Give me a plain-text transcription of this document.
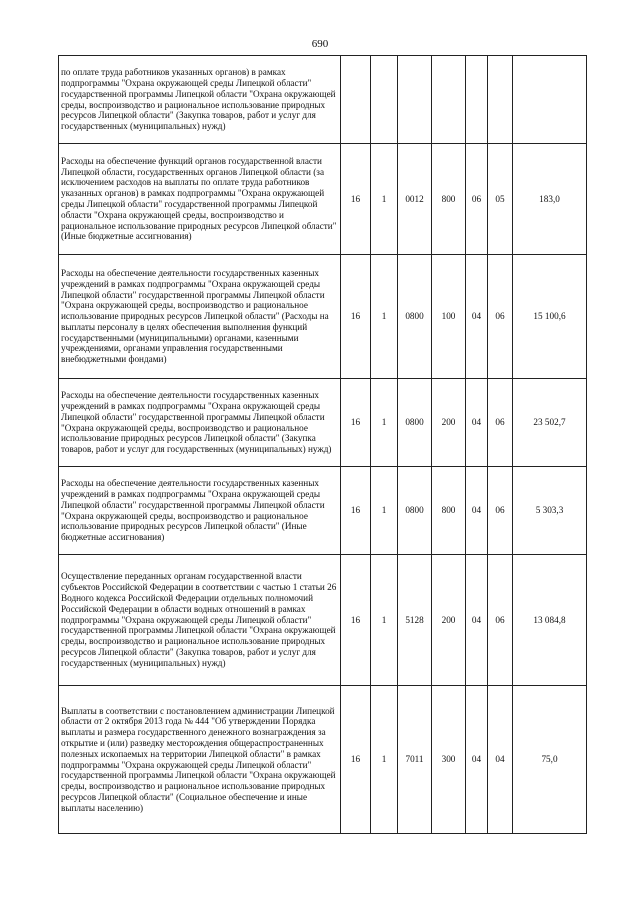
690
по оплате труда работников указанных органов) в рамках подпрограммы "Охрана окружающей среды Липецкой области" государственной программы Липецкой области "Охрана окружающей среды, воспроизводство и рациональное использование природных ресурсов Липецкой области" (Закупка товаров, работ и услуг для государственных (муниципальных) нужд)							
Расходы на обеспечение функций органов государственной власти Липецкой области, государственных органов Липецкой области (за исключением расходов на выплаты по оплате труда работников указанных органов) в рамках подпрограммы "Охрана окружающей среды Липецкой области" государственной программы Липецкой области "Охрана окружающей среды, воспроизводство и рациональное использование природных ресурсов Липецкой области" (Иные бюджетные ассигнования)	16	1	0012	800	06	05	183,0
Расходы на обеспечение деятельности государственных казенных учреждений в рамках подпрограммы "Охрана окружающей среды Липецкой области" государственной программы Липецкой области "Охрана окружающей среды, воспроизводство и рациональное использование природных ресурсов Липецкой области" (Расходы на выплаты персоналу в целях обеспечения выполнения функций государственными (муниципальными) органами, казенными учреждениями, органами управления государственными внебюджетными фондами)	16	1	0800	100	04	06	15 100,6
Расходы на обеспечение деятельности государственных казенных учреждений в рамках подпрограммы "Охрана окружающей среды Липецкой области" государственной программы Липецкой области "Охрана окружающей среды, воспроизводство и рациональное использование природных ресурсов Липецкой области" (Закупка товаров, работ и услуг для государственных (муниципальных) нужд)	16	1	0800	200	04	06	23 502,7
Расходы на обеспечение деятельности государственных казенных учреждений в рамках подпрограммы "Охрана окружающей среды Липецкой области" государственной программы Липецкой области "Охрана окружающей среды, воспроизводство и рациональное использование природных ресурсов Липецкой области" (Иные бюджетные ассигнования)	16	1	0800	800	04	06	5 303,3
Осуществление переданных органам государственной власти субъектов Российской Федерации в соответствии с частью 1 статьи 26 Водного кодекса Российской Федерации отдельных полномочий Российской Федерации в области водных отношений в рамках подпрограммы "Охрана окружающей среды Липецкой области" государственной программы Липецкой области "Охрана окружающей среды, воспроизводство и рациональное использование природных ресурсов Липецкой области" (Закупка товаров, работ и услуг для государственных (муниципальных) нужд)	16	1	5128	200	04	06	13 084,8
Выплаты в соответствии с постановлением администрации Липецкой области от 2 октября 2013 года № 444 "Об утверждении Порядка выплаты и размера государственного денежного вознаграждения за открытие и (или) разведку месторождения общераспространенных полезных ископаемых на территории Липецкой области" в рамках подпрограммы "Охрана окружающей среды Липецкой области" государственной программы Липецкой области "Охрана окружающей среды, воспроизводство и рациональное использование природных ресурсов Липецкой области" (Социальное обеспечение и иные выплаты населению)	16	1	7011	300	04	04	75,0
